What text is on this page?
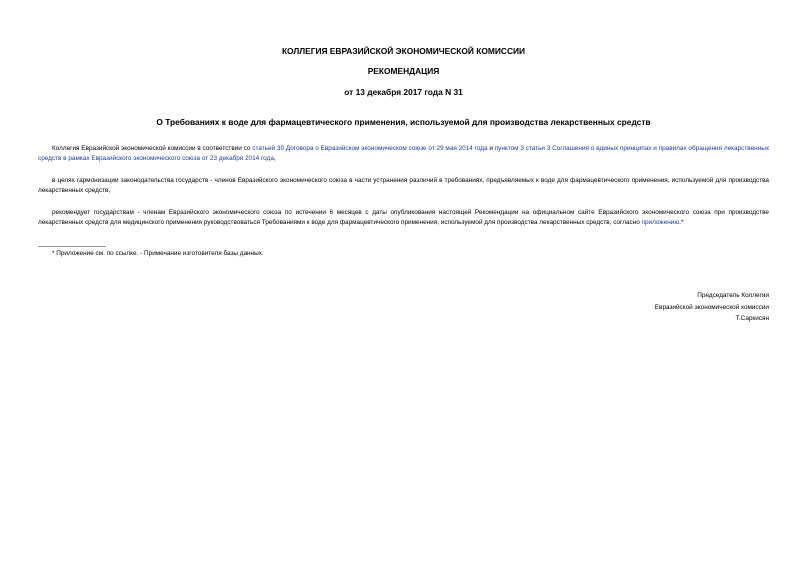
КОЛЛЕГИЯ ЕВРАЗИЙСКОЙ ЭКОНОМИЧЕСКОЙ КОМИССИИ
РЕКОМЕНДАЦИЯ
от 13 декабря 2017 года N 31
О Требованиях к воде для фармацевтического применения, используемой для производства лекарственных средств
Коллегия Евразийской экономической комиссии в соответствии со статьей 30 Договора о Евразийском экономическом союзе от 29 мая 2014 года и пунктом 3 статьи 3 Соглашения о единых принципах и правилах обращения лекарственных средств в рамках Евразийского экономического союза от 23 декабря 2014 года,
в целях гармонизации законодательства государств - членов Евразийского экономического союза в части устранения различий в требованиях, предъявляемых к воде для фармацевтического применения, используемой для производства лекарственных средств,
рекомендует государствам - членам Евразийского экономического союза по истечении 6 месяцев с даты опубликования настоящей Рекомендации на официальном сайте Евразийского экономического союза при производстве лекарственных средств для медицинского применения руководствоваться Требованиями к воде для фармацевтического применения, используемой для производства лекарственных средств, согласно приложению.*
* Приложение см. по ссылке. - Примечание изготовителя базы данных.
Председатель Коллегии
Евразийской экономической комиссии
Т.Саркисян
